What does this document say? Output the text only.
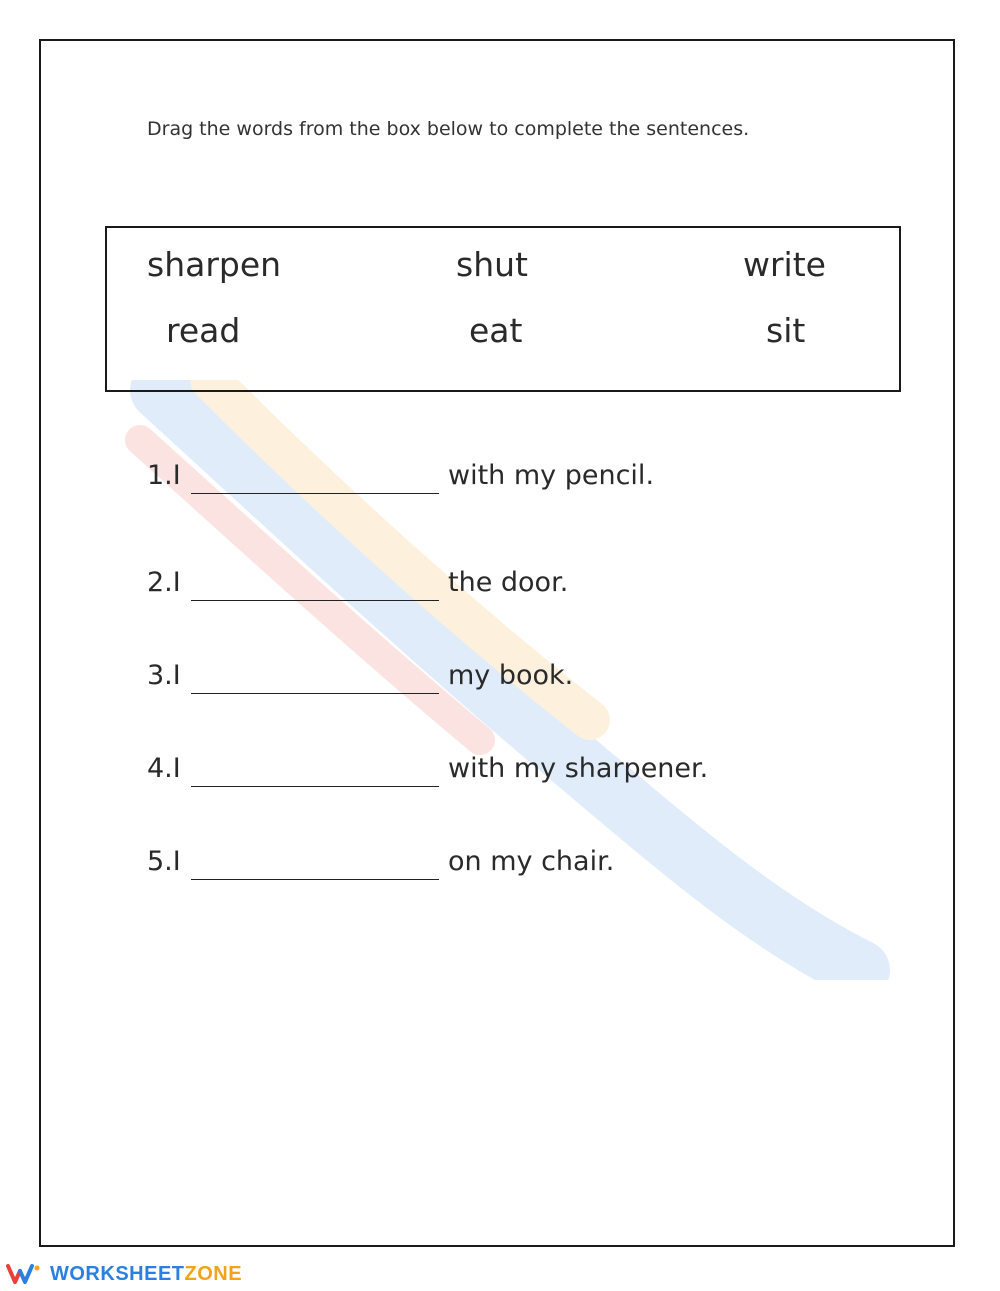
Drag the words from the box below to complete the sentences.
sharpen	shut	write
read	eat	sit
1.I	with my pencil.
2.I	the door.
3.I	my book.
4.I	with my sharpener.
5.I	on my chair.
WORKSHEETZONE
